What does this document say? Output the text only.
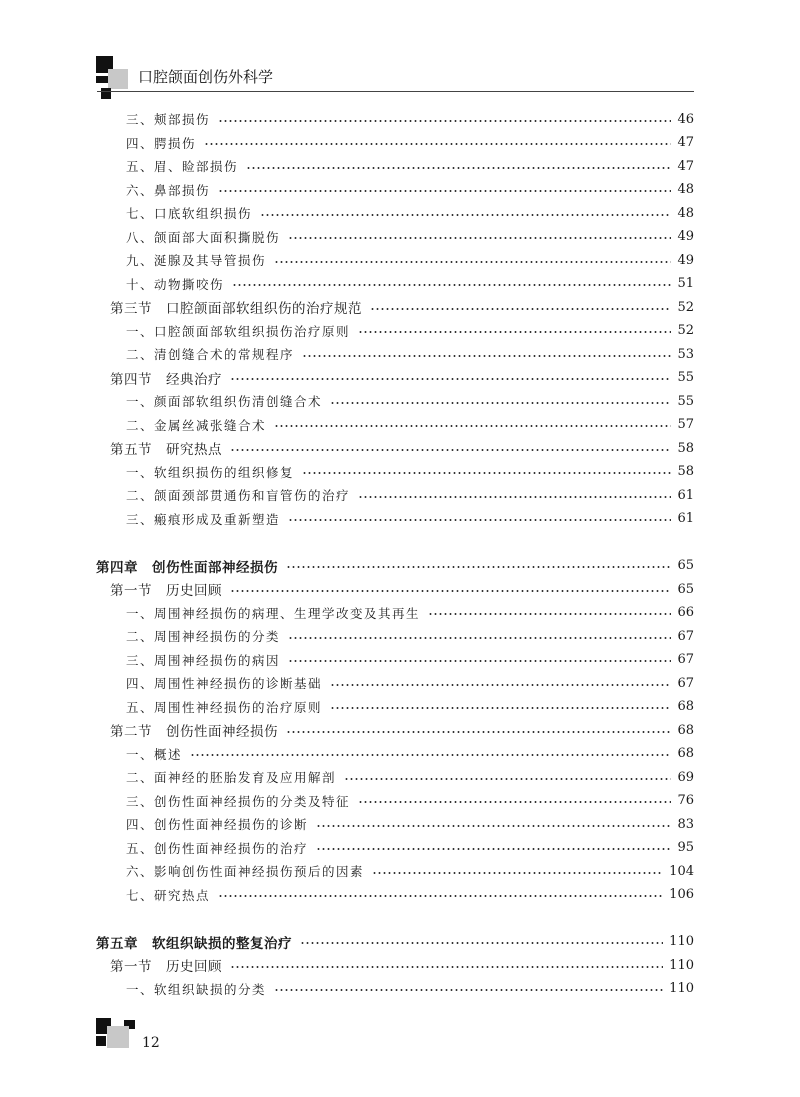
口腔颌面创伤外科学
三、颊部损伤	46
四、腭损伤	47
五、眉、睑部损伤	47
六、鼻部损伤	48
七、口底软组织损伤	48
八、颌面部大面积撕脱伤	49
九、涎腺及其导管损伤	49
十、动物撕咬伤	51
第三节　口腔颌面部软组织伤的治疗规范	52
一、口腔颌面部软组织损伤治疗原则	52
二、清创缝合术的常规程序	53
第四节　经典治疗	55
一、颜面部软组织伤清创缝合术	55
二、金属丝减张缝合术	57
第五节　研究热点	58
一、软组织损伤的组织修复	58
二、颌面颈部贯通伤和盲管伤的治疗	61
三、瘢痕形成及重新塑造	61
第四章　创伤性面部神经损伤	65
第一节　历史回顾	65
一、周围神经损伤的病理、生理学改变及其再生	66
二、周围神经损伤的分类	67
三、周围神经损伤的病因	67
四、周围性神经损伤的诊断基础	67
五、周围性神经损伤的治疗原则	68
第二节　创伤性面神经损伤	68
一、概述	68
二、面神经的胚胎发育及应用解剖	69
三、创伤性面神经损伤的分类及特征	76
四、创伤性面神经损伤的诊断	83
五、创伤性面神经损伤的治疗	95
六、影响创伤性面神经损伤预后的因素	104
七、研究热点	106
第五章　软组织缺损的整复治疗	110
第一节　历史回顾	110
一、软组织缺损的分类	110
12
